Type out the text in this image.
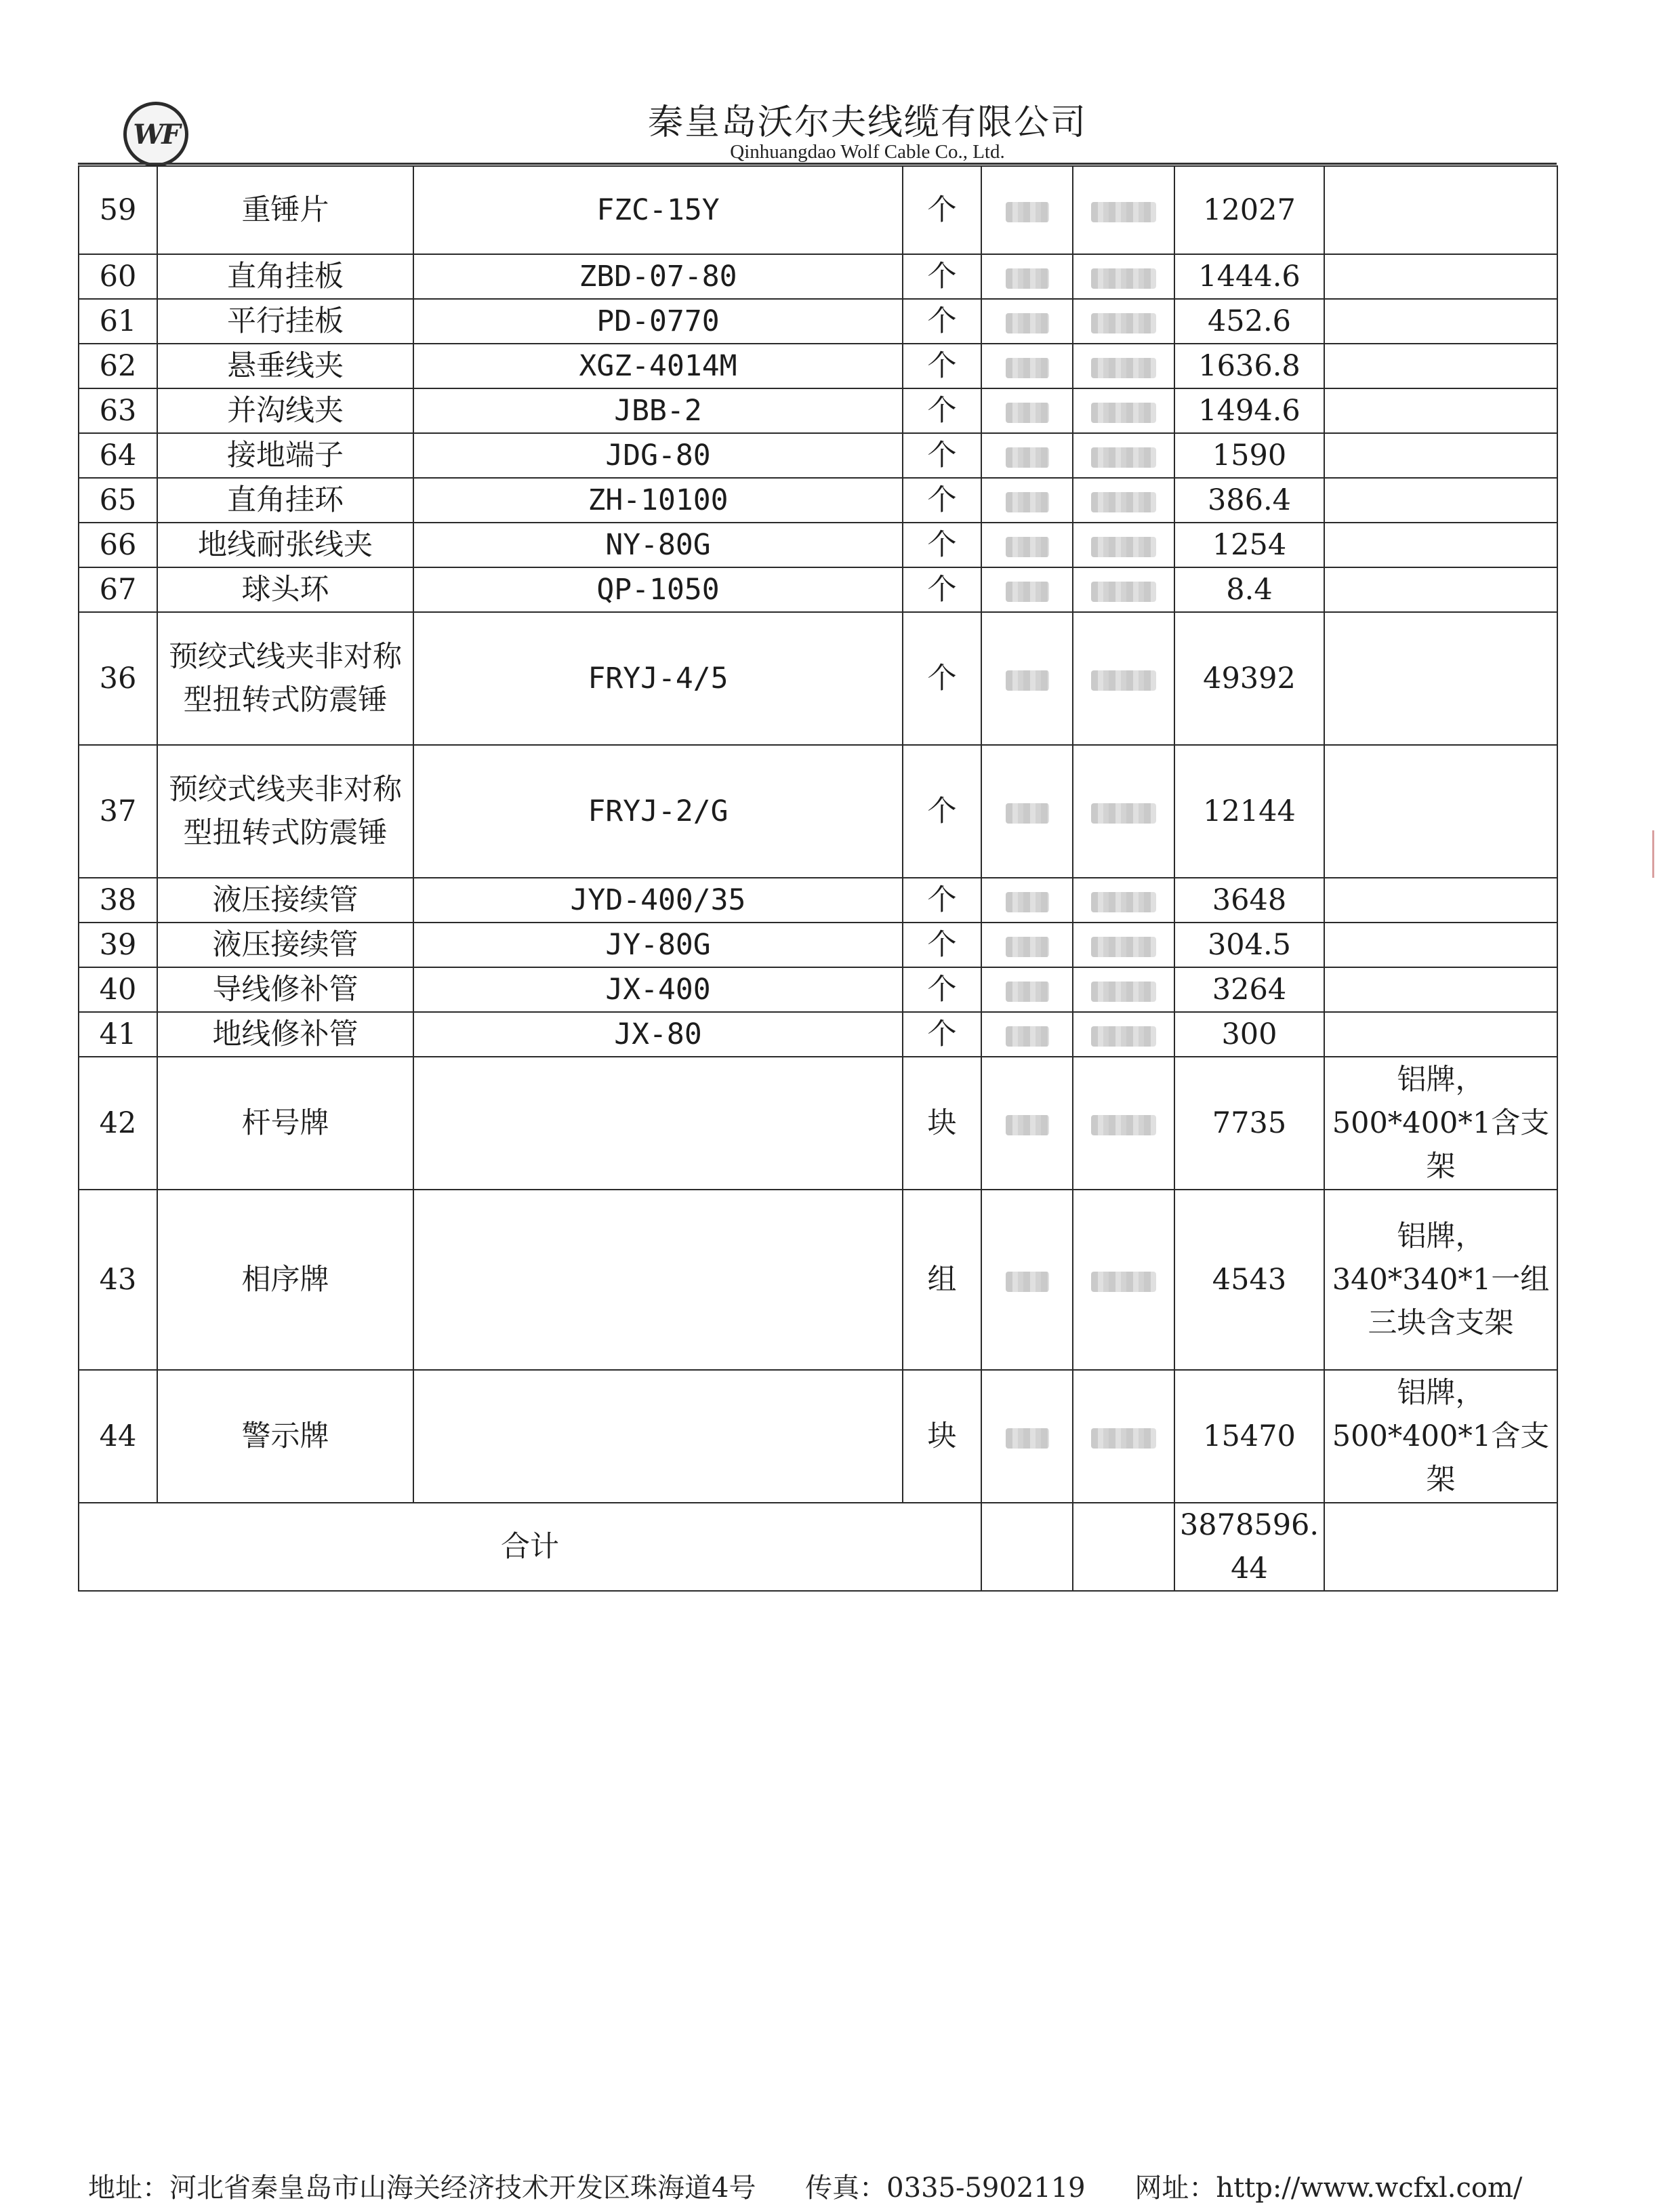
WF	秦皇岛沃尔夫线缆有限公司
Qinhuangdao Wolf Cable Co., Ltd.
59	重锤片	FZC-15Y	个			12027	
60	直角挂板	ZBD-07-80	个			1444.6	
61	平行挂板	PD-0770	个			452.6	
62	悬垂线夹	XGZ-4014M	个			1636.8	
63	并沟线夹	JBB-2	个			1494.6	
64	接地端子	JDG-80	个			1590	
65	直角挂环	ZH-10100	个			386.4	
66	地线耐张线夹	NY-80G	个			1254	
67	球头环	QP-1050	个			8.4	
36	预绞式线夹非对称型扭转式防震锤	FRYJ-4/5	个			49392	
37	预绞式线夹非对称型扭转式防震锤	FRYJ-2/G	个			12144	
38	液压接续管	JYD-400/35	个			3648	
39	液压接续管	JY-80G	个			304.5	
40	导线修补管	JX-400	个			3264	
41	地线修补管	JX-80	个			300	
42	杆号牌		块			7735	铝牌，500*400*1含支架
43	相序牌		组			4543	铝牌，340*340*1一组三块含支架
44	警示牌		块			15470	铝牌，500*400*1含支架
合计						3878596.44	
地址：河北省秦皇岛市山海关经济技术开发区珠海道4号 传真：0335-5902119 网址：http://www.wcfxl.com/
